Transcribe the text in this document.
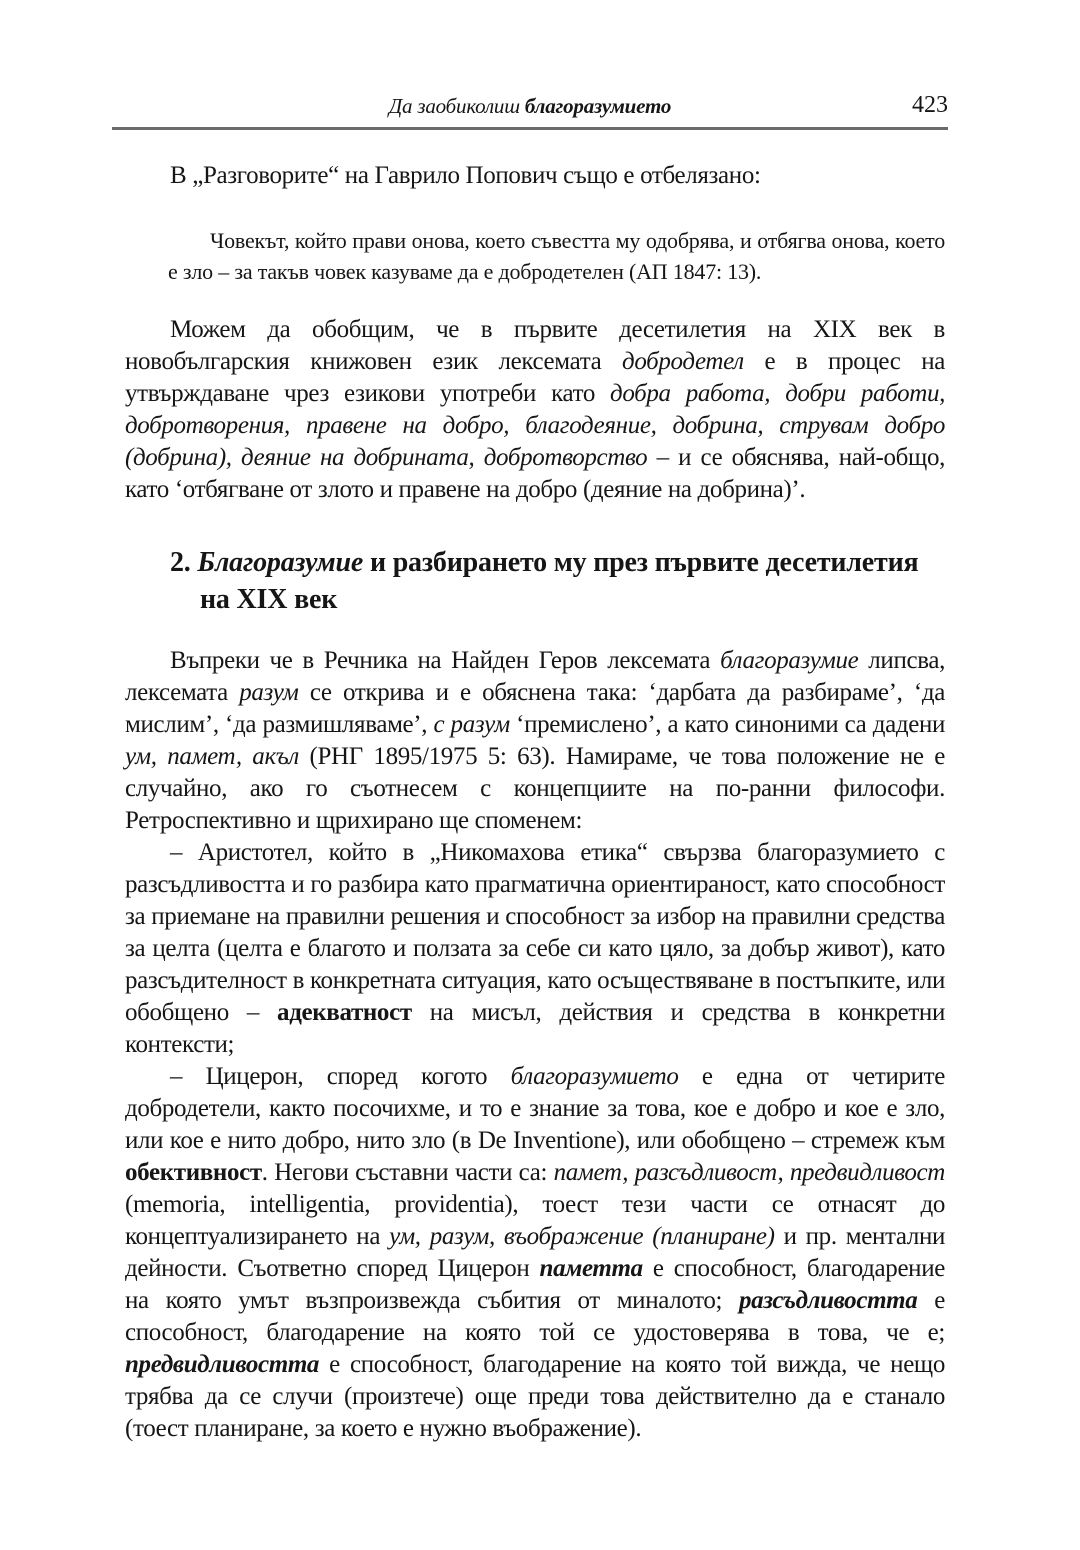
Да заобиколиш благоразумието	423

В „Разговорите“ на Гаврило Попович също е отбелязано:

Човекът, който прави онова, което съвестта му одобрява, и отбягва онова, което е зло – за такъв човек казуваме да е добродетелен (АП 1847: 13).

Можем да обобщим, че в първите десетилетия на XIX век в новобългарския книжовен език лексемата добродетел е в процес на утвърждаване чрез езикови употреби като добра работа, добри работи, добротворения, правене на добро, благодеяние, добрина, струвам добро (добрина), деяние на добрината, добротворство – и се обяснява, най-общо, като ‘отбягване от злото и правене на добро (деяние на добрина)’.

2. Благоразумие и разбирането му през първите десетилетия на XIX век

Въпреки че в Речника на Найден Геров лексемата благоразумие липсва, лексемата разум се открива и е обяснена така: ‘дарбата да разбираме’, ‘да мислим’, ‘да размишляваме’, с разум ‘премислено’, а като синоними са дадени ум, памет, акъл (РНГ 1895/1975 5: 63). Намираме, че това положение не е случайно, ако го съотнесем с концепциите на по-ранни философи. Ретроспективно и щрихирано ще споменем:

– Аристотел, който в „Никомахова етика“ свързва благоразумието с разсъдливостта и го разбира като прагматична ориентираност, като способност за приемане на правилни решения и способност за избор на правилни средства за целта (целта е благото и ползата за себе си като цяло, за добър живот), като разсъдителност в конкретната ситуация, като осъществяване в постъпките, или обобщено – адекватност на мисъл, действия и средства в конкретни контексти;

– Цицерон, според когото благоразумието е една от четирите добродетели, както посочихме, и то е знание за това, кое е добро и кое е зло, или кое е нито добро, нито зло (в De Inventione), или обобщено – стремеж към обективност. Негови съставни части са: памет, разсъдливост, предвидливост (memoria, intelligentia, providentia), тоест тези части се отнасят до концептуализирането на ум, разум, въображение (планиране) и пр. ментални дейности. Съответно според Цицерон паметта е способност, благодарение на която умът възпроизвежда събития от миналото; разсъдливостта е способност, благодарение на която той се удостоверява в това, че е; предвидливостта е способност, благодарение на която той вижда, че нещо трябва да се случи (произтече) още преди това действително да е станало (тоест планиране, за което е нужно въображение).
